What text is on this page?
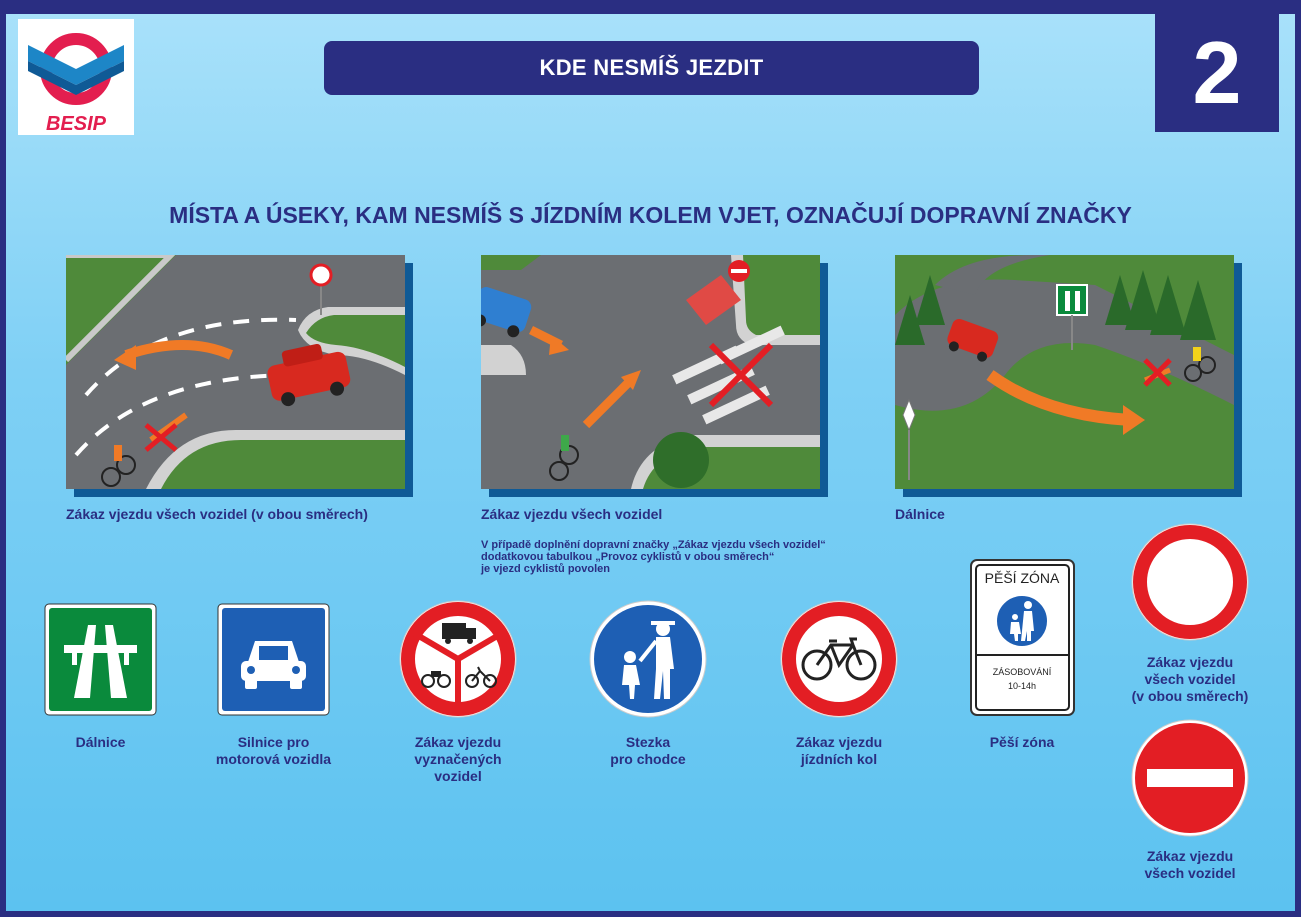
BESIP
KDE NESMÍŠ JEZDIT	2
MÍSTA A ÚSEKY, KAM NESMÍŠ S JÍZDNÍM KOLEM VJET, OZNAČUJÍ DOPRAVNÍ ZNAČKY
Zákaz vjezdu všech vozidel (v obou směrech)	Zákaz vjezdu všech vozidel
V případě doplnění dopravní značky „Zákaz vjezdu všech vozidel“
dodatkovou tabulkou „Provoz cyklistů v obou směrech“
je vjezd cyklistů povolen
Dálnice
Dálnice	Silnice pro
motorová vozidla
Zákaz vjezdu
vyznačených
vozidel
Stezka
pro chodce
Zákaz vjezdu
jízdních kol
PĚŠÍ ZÓNA
ZÁSOBOVÁNÍ
10-14h
Pěší zóna
Zákaz vjezdu
všech vozidel
(v obou směrech)
Zákaz vjezdu
všech vozidel
